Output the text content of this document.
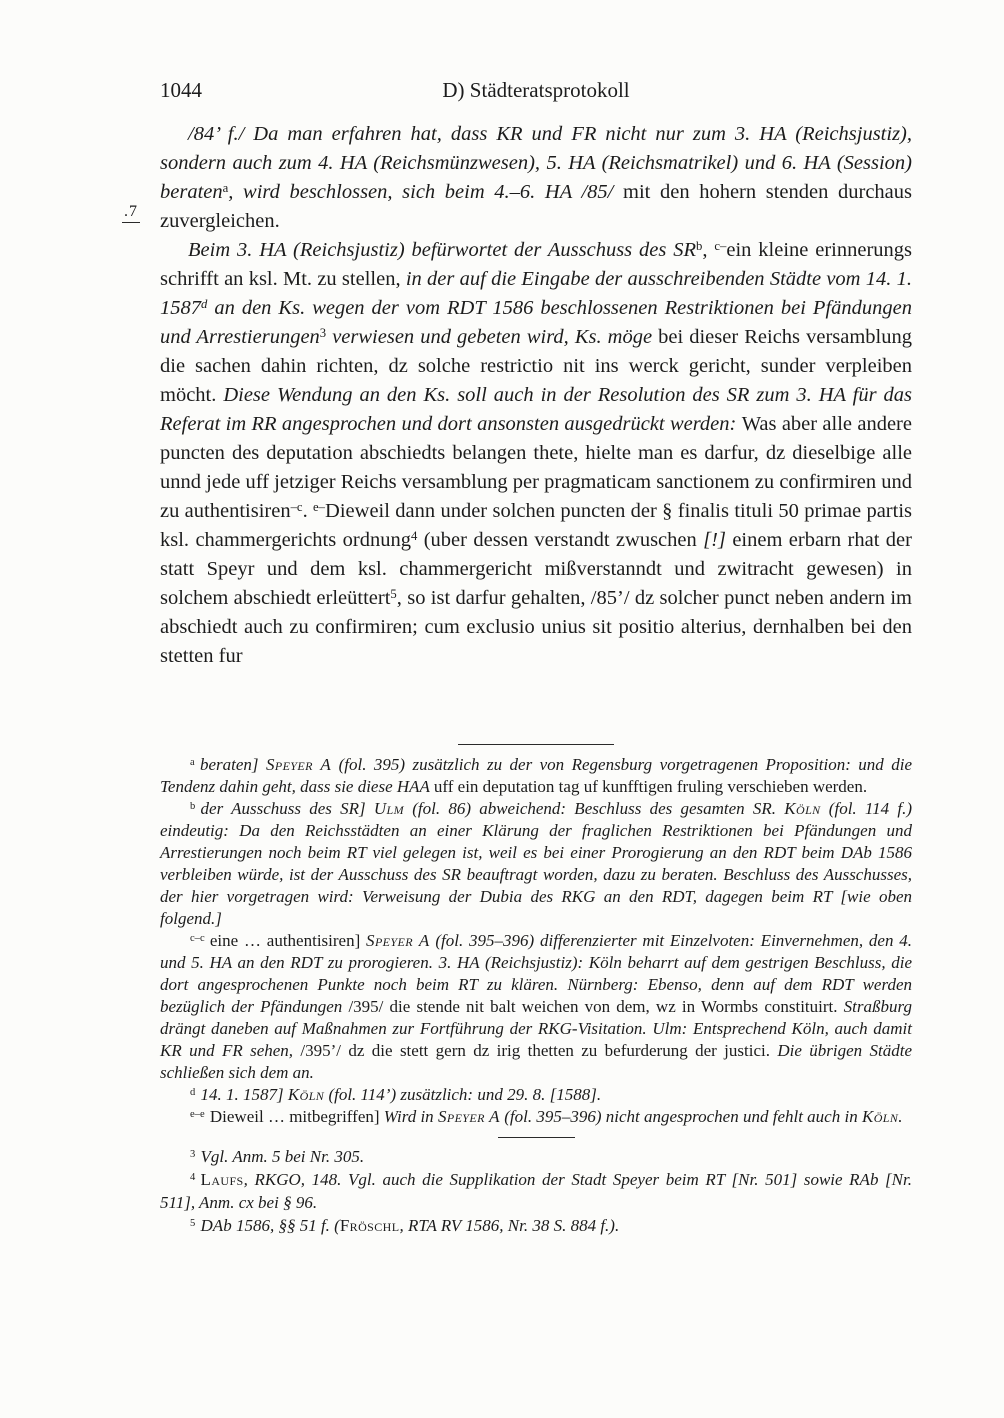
1044	D) Städteratsprotokoll
.7

/84’ f./ Da man erfahren hat, dass KR und FR nicht nur zum 3. HA (Reichsjustiz), sondern auch zum 4. HA (Reichsmünzwesen), 5. HA (Reichsmatrikel) und 6. HA (Session) beraten$^a$, wird beschlossen, sich beim 4.–6. HA /85/ mit den hohern stenden durchaus zuvergleichen.

Beim 3. HA (Reichsjustiz) befürwortet der Ausschuss des $SR^b$, $^{c-}$ein kleine erinnerungs schrifft an ksl. Mt. zu stellen, in der auf die Eingabe der ausschreibenden Städte vom 14. 1. 1587$^d$ an den Ks. wegen der vom RDT 1586 beschlossenen Restriktionen bei Pfändungen und Arrestierungen$^3$ verwiesen und gebeten wird, Ks. möge bei dieser Reichs versamblung die sachen dahin richten, dz solche restrictio nit ins werck gericht, sunder verpleiben möcht. Diese Wendung an den Ks. soll auch in der Resolution des SR zum 3. HA für das Referat im RR angesprochen und dort ansonsten ausgedrückt werden: Was aber alle andere puncten des deputation abschiedts belangen thete, hielte man es darfur, dz dieselbige alle unnd jede uff jetziger Reichs versamblung per pragmaticam sanctionem zu confirmiren und zu authentisiren$^{-c}$. $^{e-}$Dieweil dann under solchen puncten der § finalis tituli 50 primae partis ksl. chammergerichts ordnung$^4$ (uber dessen verstandt zwuschen [!] einem erbarn rhat der statt Speyr und dem ksl. chammergericht mißverstanndt und zwitracht gewesen) in solchem abschiedt erleüttert$^5$, so ist darfur gehalten, /85’/ dz solcher punct neben andern im abschiedt auch zu confirmiren; cum exclusio unius sit positio alterius, dernhalben bei den stetten fur

$^a$ beraten] Speyer A (fol. 395) zusätzlich zu der von Regensburg vorgetragenen Proposition: und die Tendenz dahin geht, dass sie diese HAA uff ein deputation tag uf kunfftigen fruling verschieben werden.

$^b$ der Ausschuss des SR] Ulm (fol. 86) abweichend: Beschluss des gesamten SR. Köln (fol. 114 f.) eindeutig: Da den Reichsstädten an einer Klärung der fraglichen Restriktionen bei Pfändungen und Arrestierungen noch beim RT viel gelegen ist, weil es bei einer Prorogierung an den RDT beim DAb 1586 verbleiben würde, ist der Ausschuss des SR beauftragt worden, dazu zu beraten. Beschluss des Ausschusses, der hier vorgetragen wird: Verweisung der Dubia des RKG an den RDT, dagegen beim RT [wie oben folgend.]

$^{c-c}$ eine … authentisiren] Speyer A (fol. 395–396) differenzierter mit Einzelvoten: Einvernehmen, den 4. und 5. HA an den RDT zu prorogieren. 3. HA (Reichsjustiz): Köln beharrt auf dem gestrigen Beschluss, die dort angesprochenen Punkte noch beim RT zu klären. Nürnberg: Ebenso, denn auf dem RDT werden bezüglich der Pfändungen /395/ die stende nit balt weichen von dem, wz in Wormbs constituirt. Straßburg drängt daneben auf Maßnahmen zur Fortführung der RKG-Visitation. Ulm: Entsprechend Köln, auch damit KR und FR sehen, /395’/ dz die stett gern dz irig thetten zu befurderung der justici. Die übrigen Städte schließen sich dem an.

$^d$ 14. 1. 1587] Köln (fol. 114’) zusätzlich: und 29. 8. [1588].

$^{e-e}$ Dieweil … mitbegriffen] Wird in Speyer A (fol. 395–396) nicht angesprochen und fehlt auch in Köln.

$^3$ Vgl. Anm. 5 bei Nr. 305.

$^4$ Laufs, RKGO, 148. Vgl. auch die Supplikation der Stadt Speyer beim RT [Nr. 501] sowie RAb [Nr. 511], Anm. cx bei § 96.

$^5$ DAb 1586, §§ 51 f. (Fröschl, RTA RV 1586, Nr. 38 S. 884 f.).
